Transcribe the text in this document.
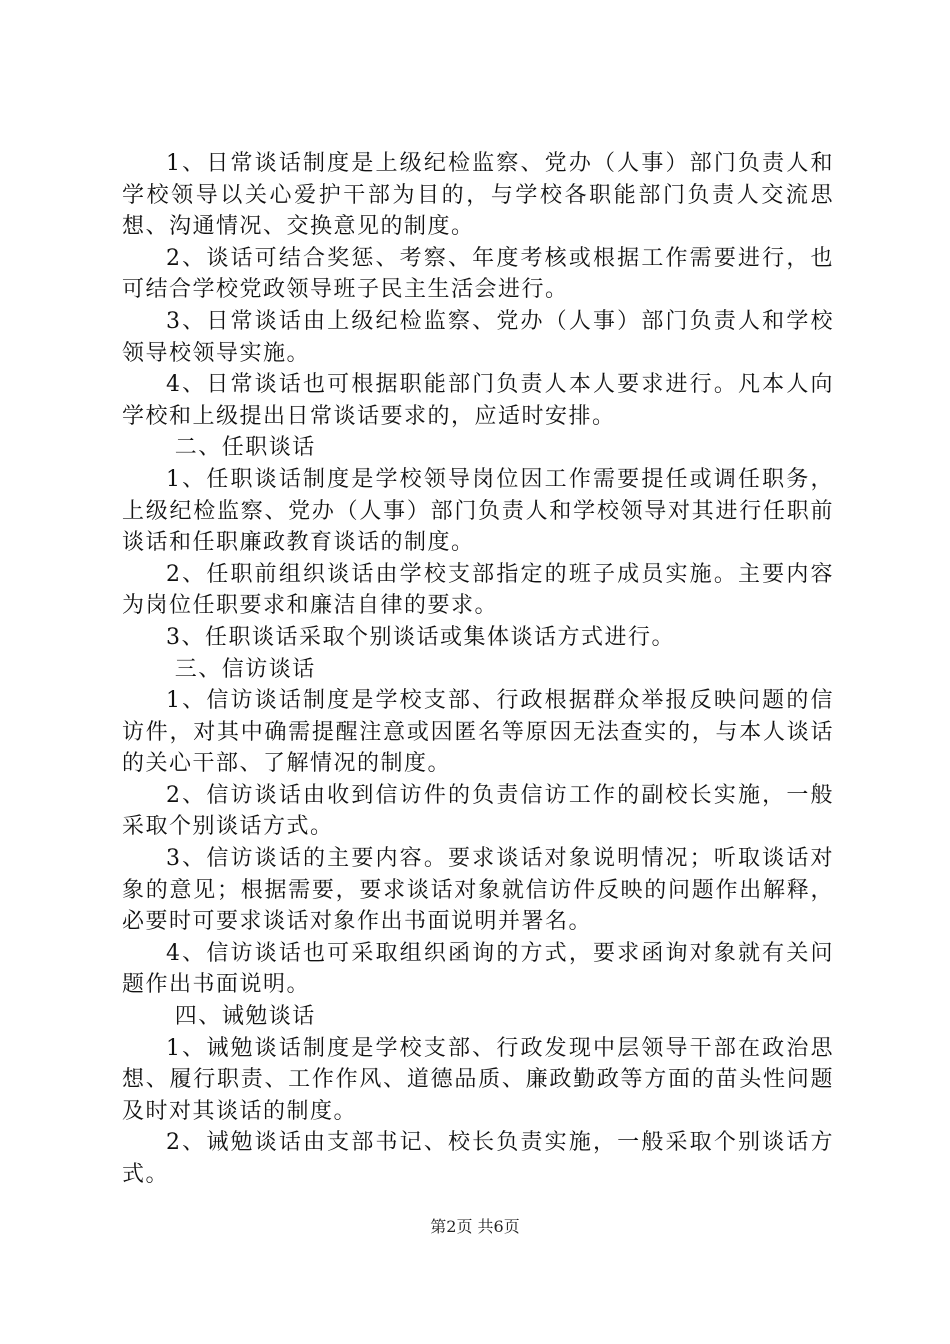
1、日常谈话制度是上级纪检监察、党办（人事）部门负责人和学校领导以关心爱护干部为目的，与学校各职能部门负责人交流思想、沟通情况、交换意见的制度。

2、谈话可结合奖惩、考察、年度考核或根据工作需要进行，也可结合学校党政领导班子民主生活会进行。

3、日常谈话由上级纪检监察、党办（人事）部门负责人和学校领导校领导实施。

4、日常谈话也可根据职能部门负责人本人要求进行。凡本人向学校和上级提出日常谈话要求的，应适时安排。

二、任职谈话

1、任职谈话制度是学校领导岗位因工作需要提任或调任职务，上级纪检监察、党办（人事）部门负责人和学校领导对其进行任职前谈话和任职廉政教育谈话的制度。

2、任职前组织谈话由学校支部指定的班子成员实施。主要内容为岗位任职要求和廉洁自律的要求。

3、任职谈话采取个别谈话或集体谈话方式进行。

三、信访谈话

1、信访谈话制度是学校支部、行政根据群众举报反映问题的信访件，对其中确需提醒注意或因匿名等原因无法查实的，与本人谈话的关心干部、了解情况的制度。

2、信访谈话由收到信访件的负责信访工作的副校长实施，一般采取个别谈话方式。

3、信访谈话的主要内容。要求谈话对象说明情况；听取谈话对象的意见；根据需要，要求谈话对象就信访件反映的问题作出解释，必要时可要求谈话对象作出书面说明并署名。

4、信访谈话也可采取组织函询的方式，要求函询对象就有关问题作出书面说明。

四、诫勉谈话

1、诫勉谈话制度是学校支部、行政发现中层领导干部在政治思想、履行职责、工作作风、道德品质、廉政勤政等方面的苗头性问题及时对其谈话的制度。

2、诫勉谈话由支部书记、校长负责实施，一般采取个别谈话方式。

第2页 共6页
